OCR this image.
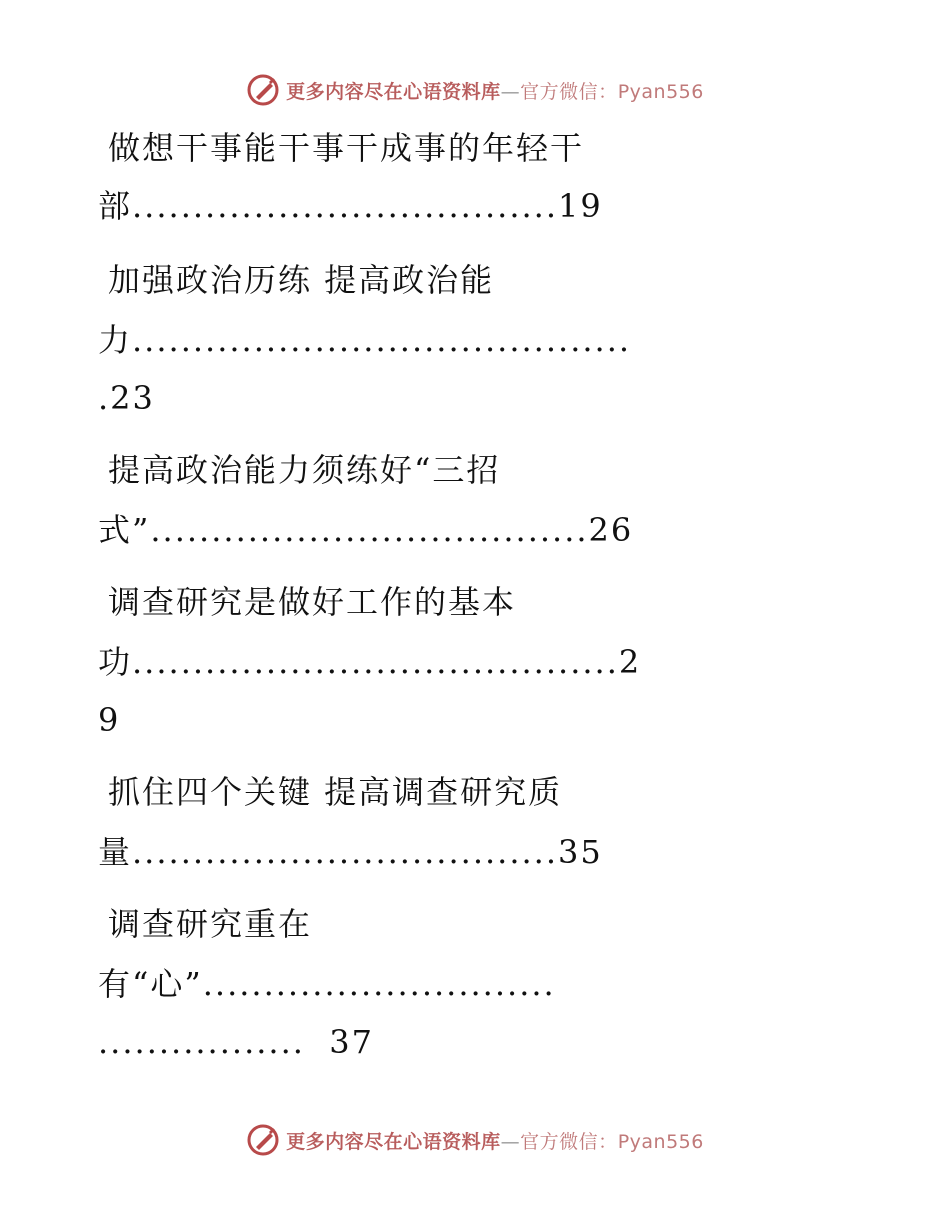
更多内容尽在心语资料库—官方微信：Pyan556
做想干事能干事干成事的年轻干
部...................................19
加强政治历练 提高政治能
力.........................................
.23
提高政治能力须练好“三招
式”....................................26
调查研究是做好工作的基本
功........................................2
9
抓住四个关键 提高调查研究质
量...................................35
调查研究重在
有“心”.............................
.................  37
更多内容尽在心语资料库—官方微信：Pyan556
